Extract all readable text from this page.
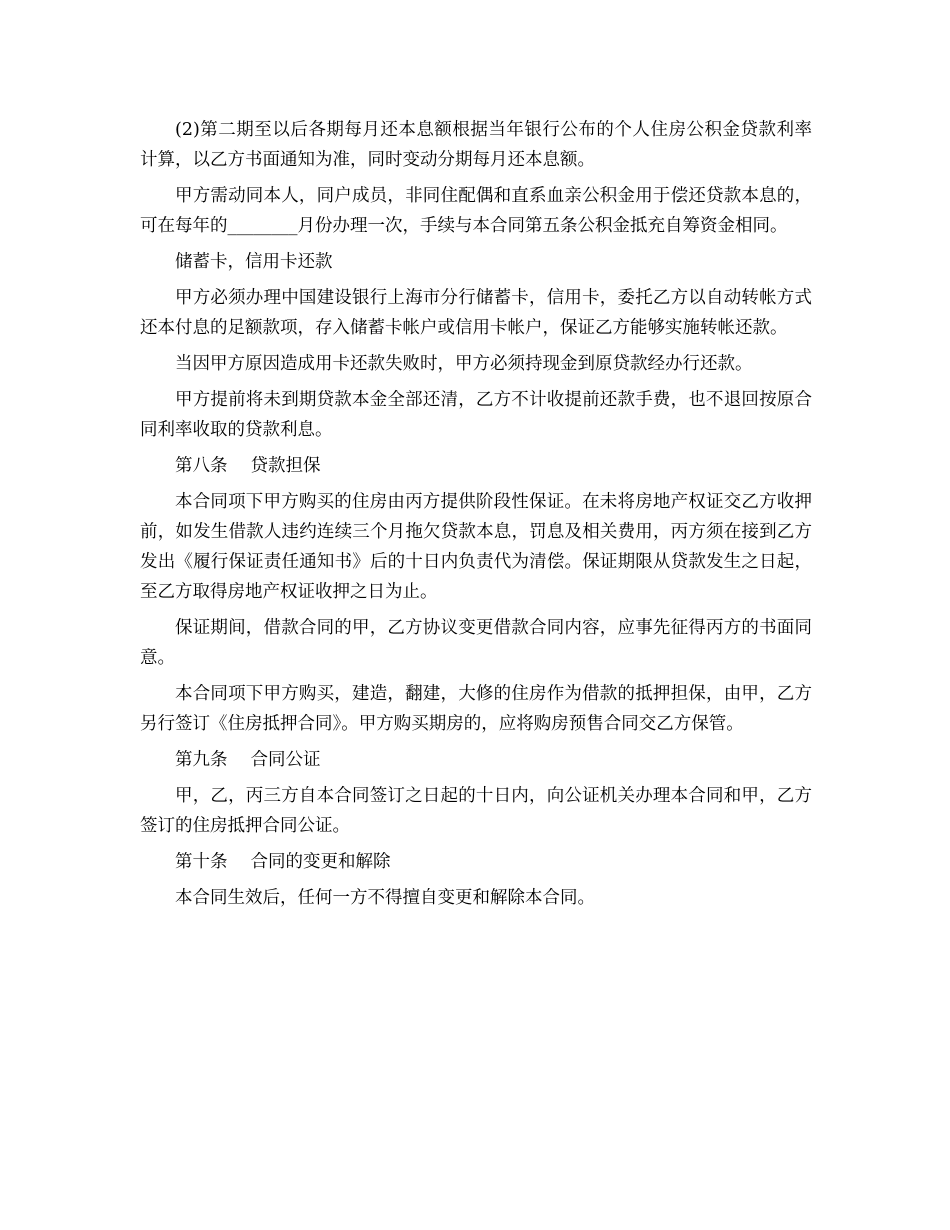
(2)第二期至以后各期每月还本息额根据当年银行公布的个人住房公积金贷款利率计算，以乙方书面通知为准，同时变动分期每月还本息额。

甲方需动同本人，同户成员，非同住配偶和直系血亲公积金用于偿还贷款本息的，可在每年的________月份办理一次，手续与本合同第五条公积金抵充自筹资金相同。

储蓄卡，信用卡还款

甲方必须办理中国建设银行上海市分行储蓄卡，信用卡，委托乙方以自动转帐方式还本付息的足额款项，存入储蓄卡帐户或信用卡帐户，保证乙方能够实施转帐还款。

当因甲方原因造成用卡还款失败时，甲方必须持现金到原贷款经办行还款。

甲方提前将未到期贷款本金全部还清，乙方不计收提前还款手费，也不退回按原合同利率收取的贷款利息。

第八条　 贷款担保

本合同项下甲方购买的住房由丙方提供阶段性保证。在未将房地产权证交乙方收押前，如发生借款人违约连续三个月拖欠贷款本息，罚息及相关费用，丙方须在接到乙方发出《履行保证责任通知书》后的十日内负责代为清偿。保证期限从贷款发生之日起，至乙方取得房地产权证收押之日为止。

保证期间，借款合同的甲，乙方协议变更借款合同内容，应事先征得丙方的书面同意。

本合同项下甲方购买，建造，翻建，大修的住房作为借款的抵押担保，由甲，乙方另行签订《住房抵押合同》。甲方购买期房的，应将购房预售合同交乙方保管。

第九条　 合同公证

甲，乙，丙三方自本合同签订之日起的十日内，向公证机关办理本合同和甲，乙方签订的住房抵押合同公证。

第十条　 合同的变更和解除

本合同生效后，任何一方不得擅自变更和解除本合同。
